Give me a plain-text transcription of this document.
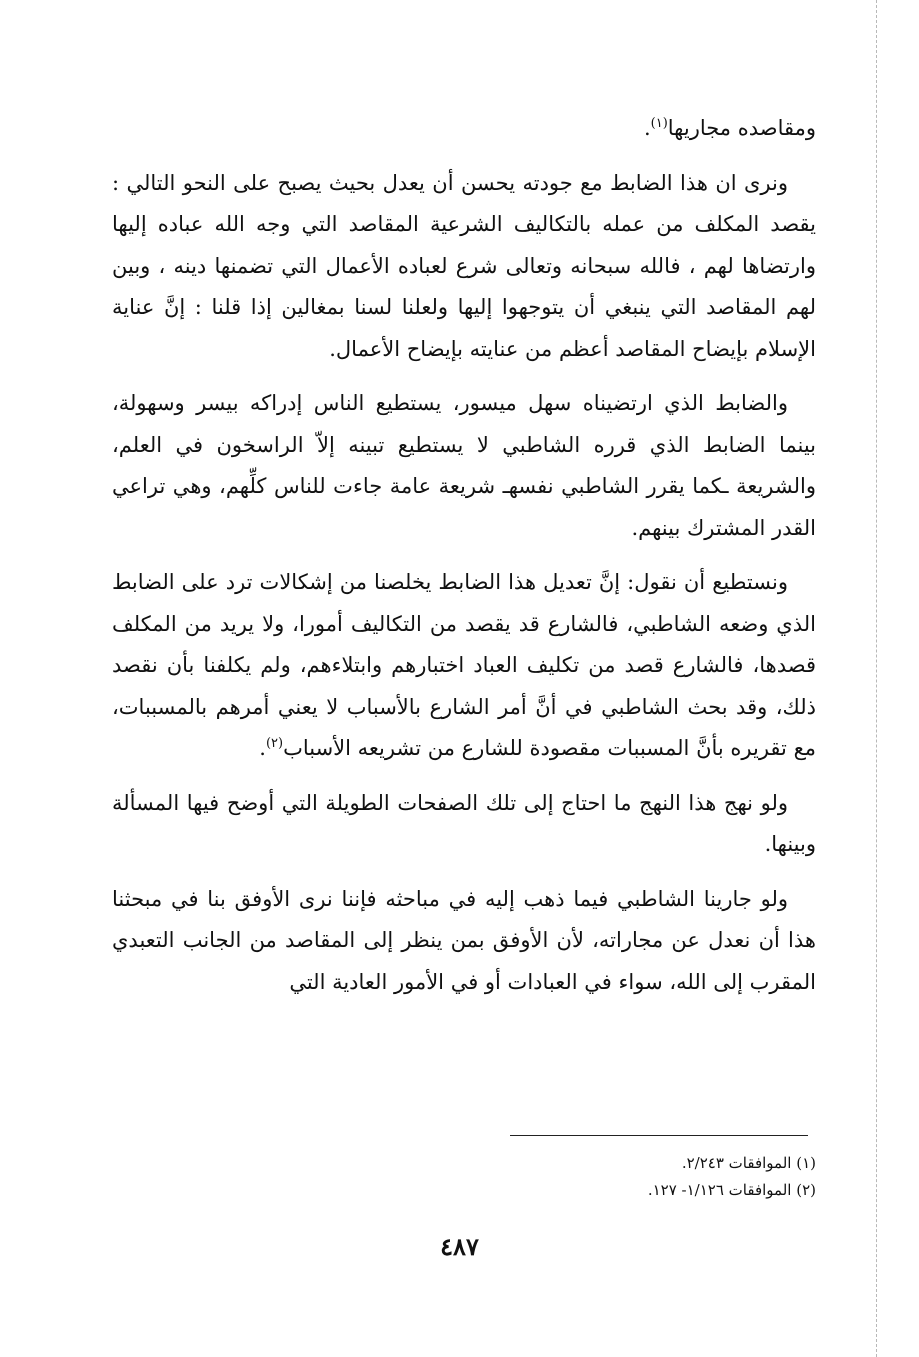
ومقاصده مجاريها$^{(١)}$.

ونرى ان هذا الضابط مع جودته يحسن أن يعدل بحيث يصبح على النحو التالي : يقصد المكلف من عمله بالتكاليف الشرعية المقاصد التي وجه الله عباده إليها وارتضاها لهم ، فالله سبحانه وتعالى شرع لعباده الأعمال التي تضمنها دينه ، وبين لهم المقاصد التي ينبغي أن يتوجهوا إليها ولعلنا لسنا بمغالين إذا قلنا : إنَّ عناية الإسلام بإيضاح المقاصد أعظم من عنايته بإيضاح الأعمال.

والضابط الذي ارتضيناه سهل ميسور، يستطيع الناس إدراكه بيسر وسهولة، بينما الضابط الذي قرره الشاطبي لا يستطيع تبينه إلاّ الراسخون في العلم، والشريعة ـكما يقرر الشاطبي نفسهـ شريعة عامة جاءت للناس كلِّهم، وهي تراعي القدر المشترك بينهم.

ونستطيع أن نقول: إنَّ تعديل هذا الضابط يخلصنا من إشكالات ترد على الضابط الذي وضعه الشاطبي، فالشارع قد يقصد من التكاليف أمورا، ولا يريد من المكلف قصدها، فالشارع قصد من تكليف العباد اختبارهم وابتلاءهم، ولم يكلفنا بأن نقصد ذلك، وقد بحث الشاطبي في أنَّ أمر الشارع بالأسباب لا يعني أمرهم بالمسببات، مع تقريره بأنَّ المسببات مقصودة للشارع من تشريعه الأسباب$^{(٢)}$.

ولو نهج هذا النهج ما احتاج إلى تلك الصفحات الطويلة التي أوضح فيها المسألة وبينها.

ولو جارينا الشاطبي فيما ذهب إليه في مباحثه فإننا نرى الأوفق بنا في مبحثنا هذا أن نعدل عن مجاراته، لأن الأوفق بمن ينظر إلى المقاصد من الجانب التعبدي المقرب إلى الله، سواء في العبادات أو في الأمور العادية التي

(١) الموافقات ٢/٢٤٣.

(٢) الموافقات ١/١٢٦- ١٢٧.

٤٨٧
